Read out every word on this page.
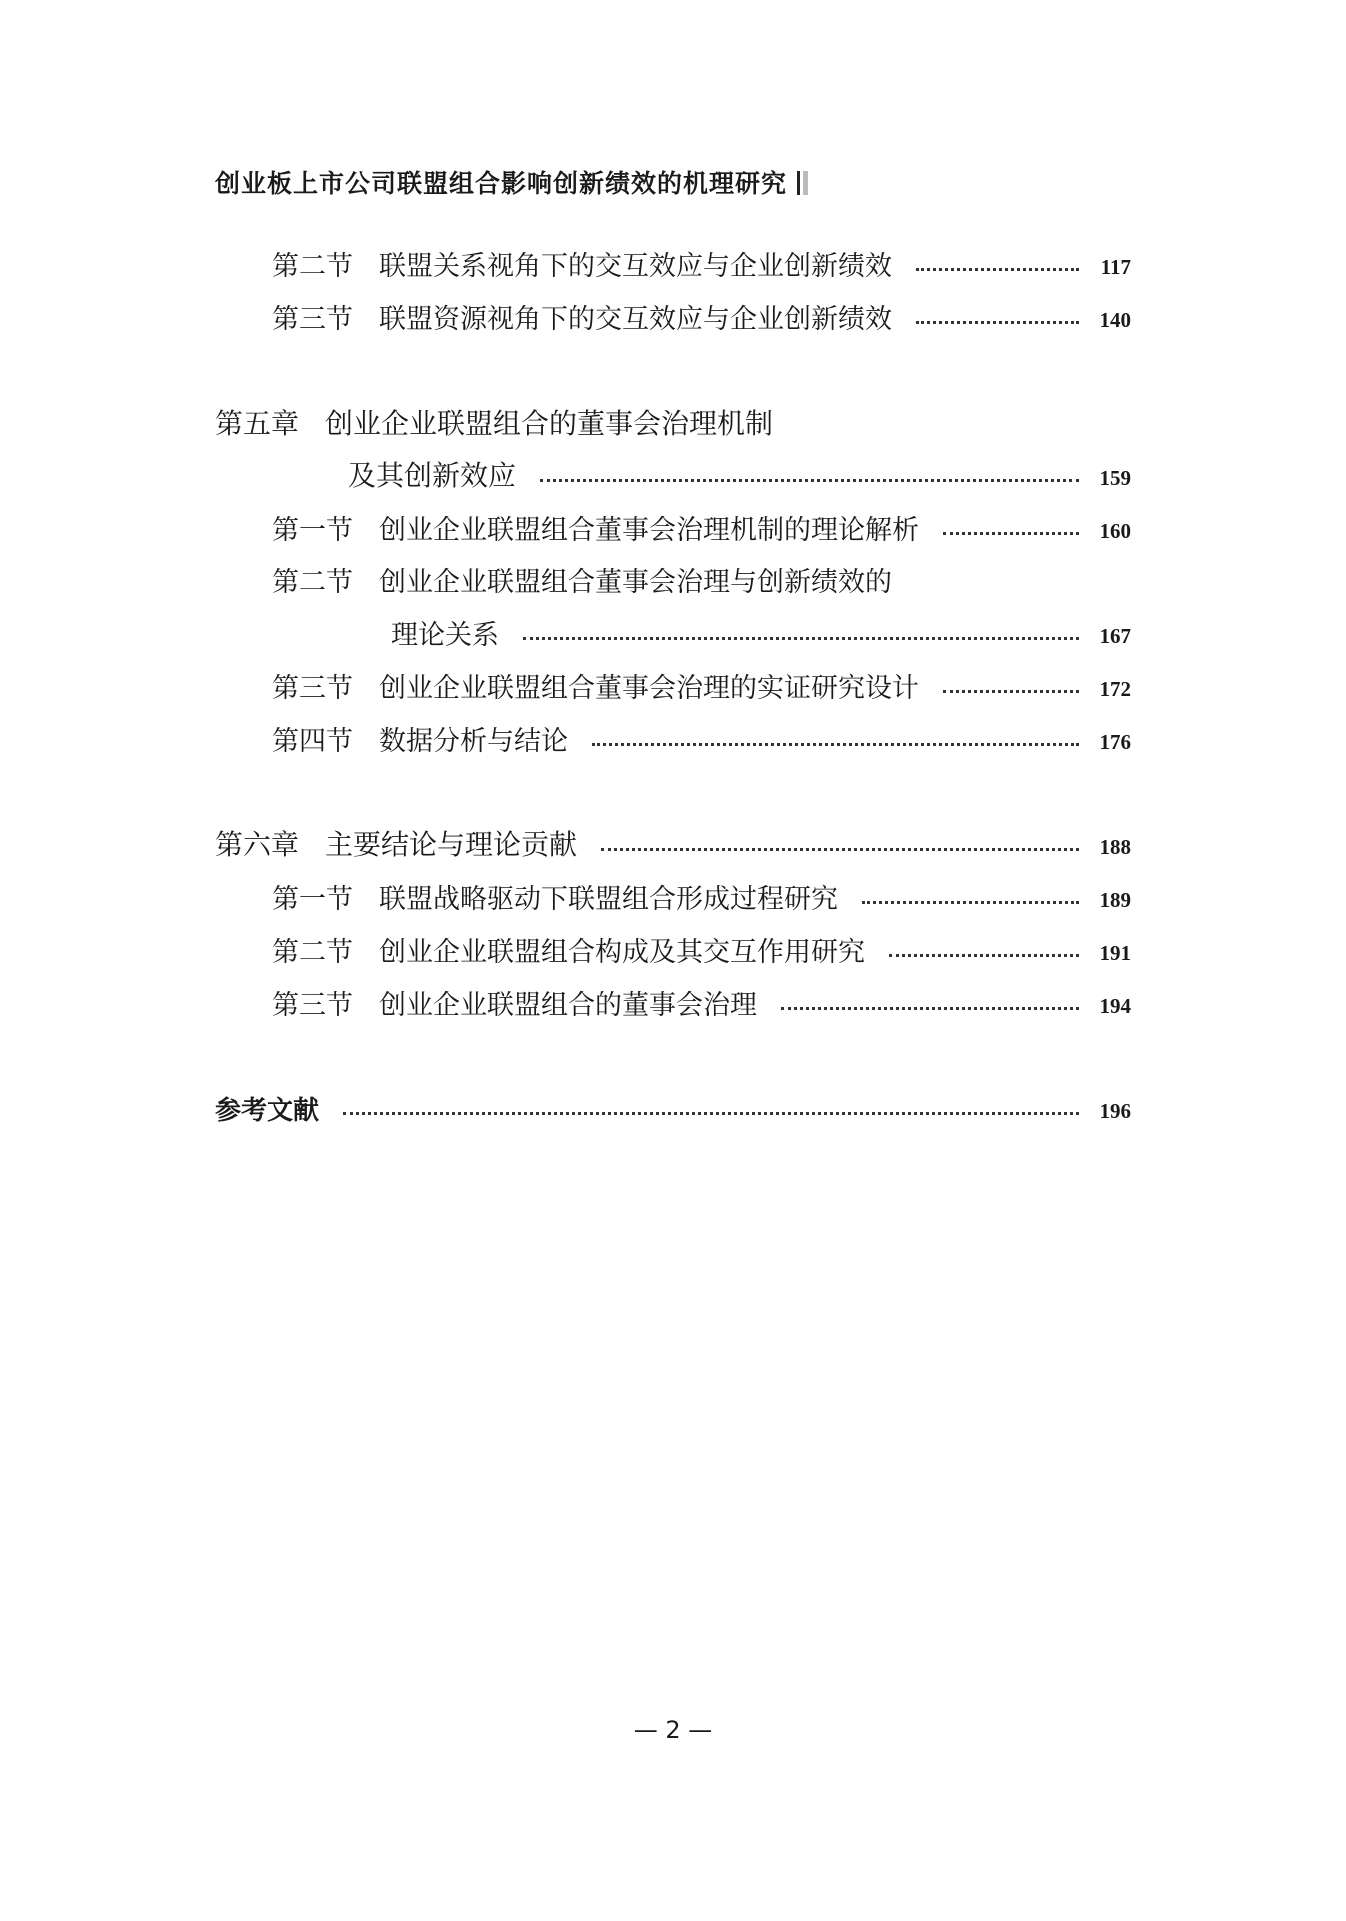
创业板上市公司联盟组合影响创新绩效的机理研究
第二节 联盟关系视角下的交互效应与企业创新绩效	117
第三节 联盟资源视角下的交互效应与企业创新绩效	140
第五章 创业企业联盟组合的董事会治理机制
及其创新效应	159
第一节 创业企业联盟组合董事会治理机制的理论解析	160
第二节 创业企业联盟组合董事会治理与创新绩效的
理论关系	167
第三节 创业企业联盟组合董事会治理的实证研究设计	172
第四节 数据分析与结论	176
第六章 主要结论与理论贡献	188
第一节 联盟战略驱动下联盟组合形成过程研究	189
第二节 创业企业联盟组合构成及其交互作用研究	191
第三节 创业企业联盟组合的董事会治理	194
参考文献	196
— 2 —
